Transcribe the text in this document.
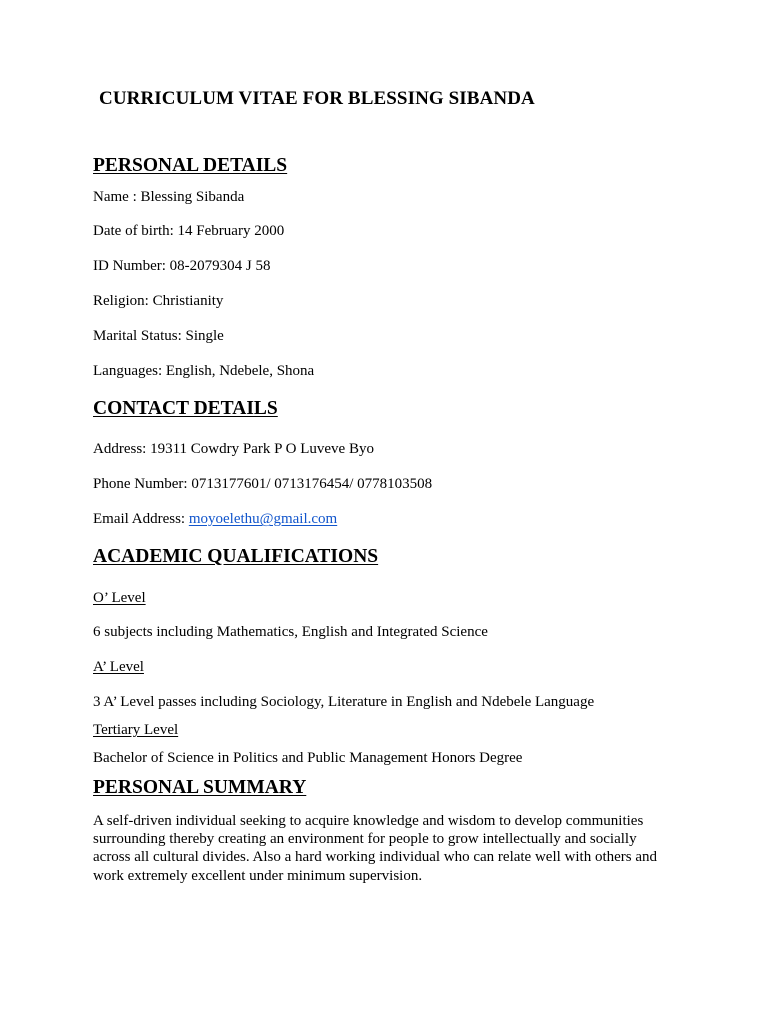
CURRICULUM VITAE FOR BLESSING SIBANDA
PERSONAL DETAILS
Name : Blessing Sibanda
Date of birth: 14 February 2000
ID Number: 08-2079304 J 58
Religion: Christianity
Marital Status: Single
Languages: English, Ndebele, Shona
CONTACT DETAILS
Address: 19311 Cowdry Park P O Luveve Byo
Phone Number: 0713177601/ 0713176454/ 0778103508
Email Address: moyoelethu@gmail.com
ACADEMIC QUALIFICATIONS
O’ Level
6 subjects including Mathematics, English and Integrated Science
A’ Level
3 A’ Level passes including Sociology, Literature in English and Ndebele Language
Tertiary Level
Bachelor of Science in Politics and Public Management Honors Degree
PERSONAL SUMMARY
A self-driven individual seeking to acquire knowledge and wisdom to develop communities surrounding thereby creating an environment for people to grow intellectually and socially across all cultural divides. Also a hard working individual who can relate well with others and work extremely excellent under minimum supervision.
